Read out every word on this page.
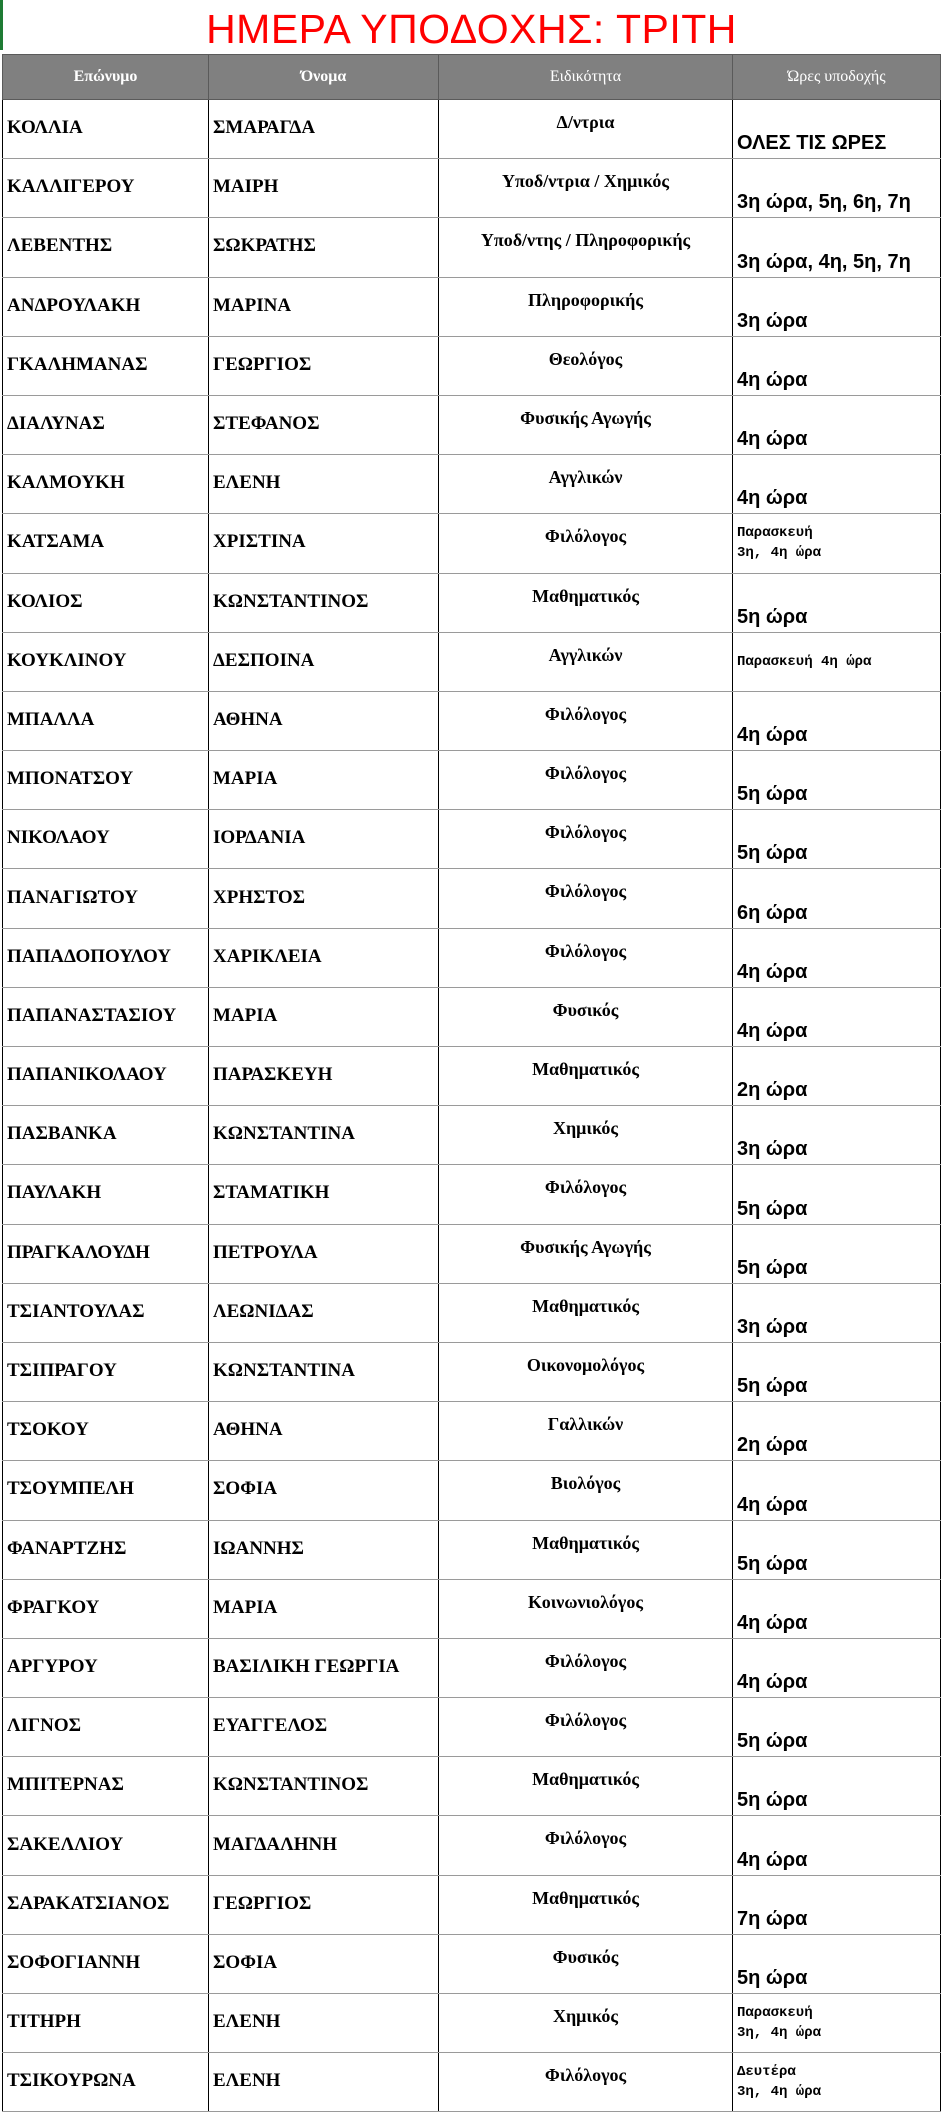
ΗΜΕΡΑ ΥΠΟΔΟΧΗΣ: ΤΡΙΤΗ
Επώνυμο	Όνομα	Ειδικότητα	Ώρες υποδοχής
ΚΟΛΛΙΑ	ΣΜΑΡΑΓΔΑ	Δ/ντρια	ΟΛΕΣ ΤΙΣ ΩΡΕΣ
ΚΑΛΛΙΓΕΡΟΥ	ΜΑΙΡΗ	Υποδ/ντρια / Χημικός	3η ώρα, 5η, 6η, 7η
ΛΕΒΕΝΤΗΣ	ΣΩΚΡΑΤΗΣ	Υποδ/ντης / Πληροφορικής	3η ώρα, 4η, 5η, 7η
ΑΝΔΡΟΥΛΑΚΗ	ΜΑΡΙΝΑ	Πληροφορικής	3η ώρα
ΓΚΑΛΗΜΑΝΑΣ	ΓΕΩΡΓΙΟΣ	Θεολόγος	4η ώρα
ΔΙΑΛΥΝΑΣ	ΣΤΕΦΑΝΟΣ	Φυσικής Αγωγής	4η ώρα
ΚΑΛΜΟΥΚΗ	ΕΛΕΝΗ	Αγγλικών	4η ώρα
ΚΑΤΣΑΜΑ	ΧΡΙΣΤΙΝΑ	Φιλόλογος	Παρασκευή
3η, 4η ώρα
ΚΟΛΙΟΣ	ΚΩΝΣΤΑΝΤΙΝΟΣ	Μαθηματικός	5η ώρα
ΚΟΥΚΛΙΝΟΥ	ΔΕΣΠΟΙΝΑ	Αγγλικών	Παρασκευή 4η ώρα
ΜΠΑΛΛΑ	ΑΘΗΝΑ	Φιλόλογος	4η ώρα
ΜΠΟΝΑΤΣΟΥ	ΜΑΡΙΑ	Φιλόλογος	5η ώρα
ΝΙΚΟΛΑΟΥ	ΙΟΡΔΑΝΙΑ	Φιλόλογος	5η ώρα
ΠΑΝΑΓΙΩΤΟΥ	ΧΡΗΣΤΟΣ	Φιλόλογος	6η ώρα
ΠΑΠΑΔΟΠΟΥΛΟΥ	ΧΑΡΙΚΛΕΙΑ	Φιλόλογος	4η ώρα
ΠΑΠΑΝΑΣΤΑΣΙΟΥ	ΜΑΡΙΑ	Φυσικός	4η ώρα
ΠΑΠΑΝΙΚΟΛΑΟΥ	ΠΑΡΑΣΚΕΥΗ	Μαθηματικός	2η ώρα
ΠΑΣΒΑΝΚΑ	ΚΩΝΣΤΑΝΤΙΝΑ	Χημικός	3η ώρα
ΠΑΥΛΑΚΗ	ΣΤΑΜΑΤΙΚΗ	Φιλόλογος	5η ώρα
ΠΡΑΓΚΑΛΟΥΔΗ	ΠΕΤΡΟΥΛΑ	Φυσικής Αγωγής	5η ώρα
ΤΣΙΑΝΤΟΥΛΑΣ	ΛΕΩΝΙΔΑΣ	Μαθηματικός	3η ώρα
ΤΣΙΠΡΑΓΟΥ	ΚΩΝΣΤΑΝΤΙΝΑ	Οικονομολόγος	5η ώρα
ΤΣΟΚΟΥ	ΑΘΗΝΑ	Γαλλικών	2η ώρα
ΤΣΟΥΜΠΕΛΗ	ΣΟΦΙΑ	Βιολόγος	4η ώρα
ΦΑΝΑΡΤΖΗΣ	ΙΩΑΝΝΗΣ	Μαθηματικός	5η ώρα
ΦΡΑΓΚΟΥ	ΜΑΡΙΑ	Κοινωνιολόγος	4η ώρα
ΑΡΓΥΡΟΥ	ΒΑΣΙΛΙΚΗ ΓΕΩΡΓΙΑ	Φιλόλογος	4η ώρα
ΛΙΓΝΟΣ	ΕΥΑΓΓΕΛΟΣ	Φιλόλογος	5η ώρα
ΜΠΙΤΕΡΝΑΣ	ΚΩΝΣΤΑΝΤΙΝΟΣ	Μαθηματικός	5η ώρα
ΣΑΚΕΛΛΙΟΥ	ΜΑΓΔΑΛΗΝΗ	Φιλόλογος	4η ώρα
ΣΑΡΑΚΑΤΣΙΑΝΟΣ	ΓΕΩΡΓΙΟΣ	Μαθηματικός	7η ώρα
ΣΟΦΟΓΙΑΝΝΗ	ΣΟΦΙΑ	Φυσικός	5η ώρα
ΤΙΤΗΡΗ	ΕΛΕΝΗ	Χημικός	Παρασκευή
3η, 4η ώρα
ΤΣΙΚΟΥΡΩΝΑ	ΕΛΕΝΗ	Φιλόλογος	Δευτέρα
3η, 4η ώρα
